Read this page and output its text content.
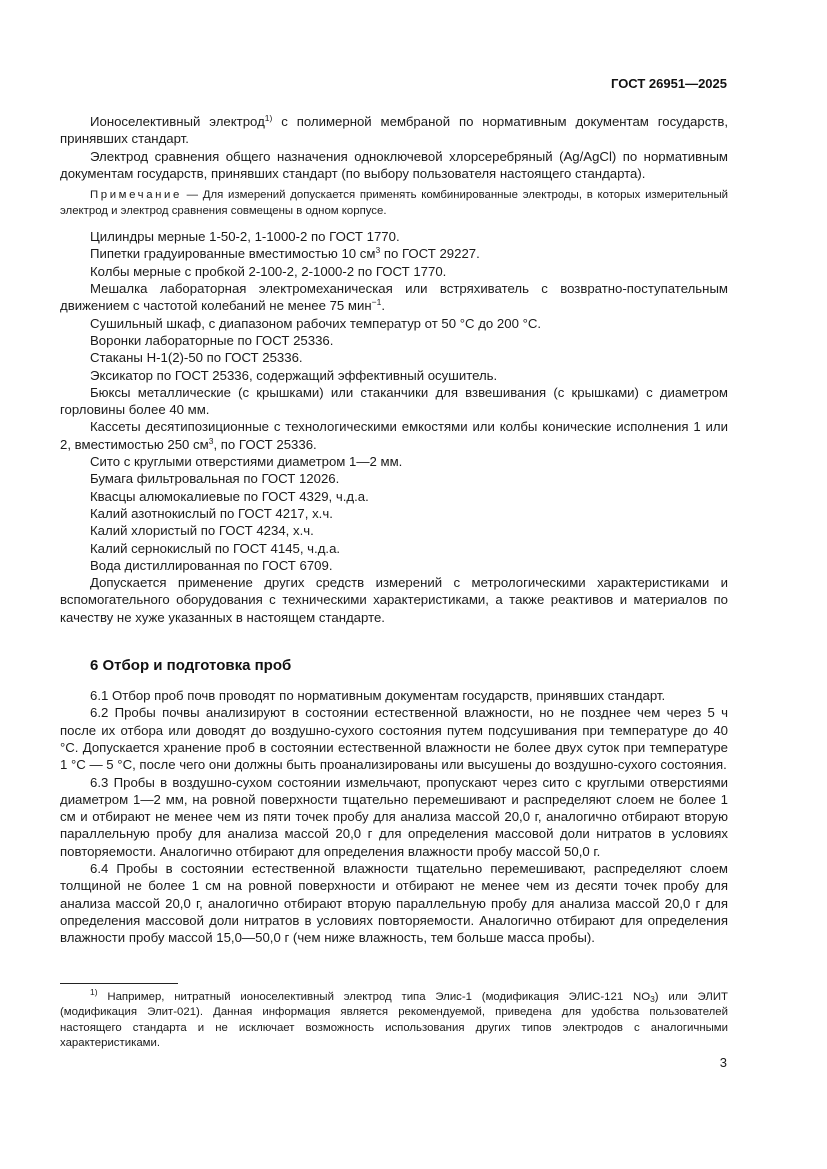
ГОСТ 26951—2025

Ионоселективный электрод$^{1)}$ с полимерной мембраной по нормативным документам государств, принявших стандарт.

Электрод сравнения общего назначения одноключевой хлорсеребряный (Ag/AgCl) по нормативным документам государств, принявших стандарт (по выбору пользователя настоящего стандарта).

Примечание — Для измерений допускается применять комбинированные электроды, в которых измерительный электрод и электрод сравнения совмещены в одном корпусе.

Цилиндры мерные 1-50-2, 1-1000-2 по ГОСТ 1770.

Пипетки градуированные вместимостью 10 $см^3$ по ГОСТ 29227.

Колбы мерные с пробкой 2-100-2, 2-1000-2 по ГОСТ 1770.

Мешалка лабораторная электромеханическая или встряхиватель с возвратно-поступательным движением с частотой колебаний не менее 75 мин$^{-1}$.

Сушильный шкаф, с диапазоном рабочих температур от 50 °С до 200 °С.

Воронки лабораторные по ГОСТ 25336.

Стаканы Н-1(2)-50 по ГОСТ 25336.

Эксикатор по ГОСТ 25336, содержащий эффективный осушитель.

Бюксы металлические (с крышками) или стаканчики для взвешивания (с крышками) с диаметром горловины более 40 мм.

Кассеты десятипозиционные с технологическими емкостями или колбы конические исполнения 1 или 2, вместимостью 250 $см^3$, по ГОСТ 25336.

Сито с круглыми отверстиями диаметром 1—2 мм.

Бумага фильтровальная по ГОСТ 12026.

Квасцы алюмокалиевые по ГОСТ 4329, ч.д.а.

Калий азотнокислый по ГОСТ 4217, х.ч.

Калий хлористый по ГОСТ 4234, х.ч.

Калий сернокислый по ГОСТ 4145, ч.д.а.

Вода дистиллированная по ГОСТ 6709.

Допускается применение других средств измерений с метрологическими характеристиками и вспомогательного оборудования с техническими характеристиками, а также реактивов и материалов по качеству не хуже указанных в настоящем стандарте.

6 Отбор и подготовка проб

6.1 Отбор проб почв проводят по нормативным документам государств, принявших стандарт.

6.2 Пробы почвы анализируют в состоянии естественной влажности, но не позднее чем через 5 ч после их отбора или доводят до воздушно-сухого состояния путем подсушивания при температуре до 40 °С. Допускается хранение проб в состоянии естественной влажности не более двух суток при температуре 1 °С — 5 °С, после чего они должны быть проанализированы или высушены до воздушно-сухого состояния.

6.3 Пробы в воздушно-сухом состоянии измельчают, пропускают через сито с круглыми отверстиями диаметром 1—2 мм, на ровной поверхности тщательно перемешивают и распределяют слоем не более 1 см и отбирают не менее чем из пяти точек пробу для анализа массой 20,0 г, аналогично отбирают вторую параллельную пробу для анализа массой 20,0 г для определения массовой доли нитратов в условиях повторяемости. Аналогично отбирают для определения влажности пробу массой 50,0 г.

6.4 Пробы в состоянии естественной влажности тщательно перемешивают, распределяют слоем толщиной не более 1 см на ровной поверхности и отбирают не менее чем из десяти точек пробу для анализа массой 20,0 г, аналогично отбирают вторую параллельную пробу для анализа массой 20,0 г для определения массовой доли нитратов в условиях повторяемости. Аналогично отбирают для определения влажности пробу массой 15,0—50,0 г (чем ниже влажность, тем больше масса пробы).

$^{1)}$ Например, нитратный ионоселективный электрод типа Элис-1 (модификация ЭЛИС-121 $NO_3$) или ЭЛИТ (модификация Элит-021). Данная информация является рекомендуемой, приведена для удобства пользователей настоящего стандарта и не исключает возможность использования других типов электродов с аналогичными характеристиками.

3
